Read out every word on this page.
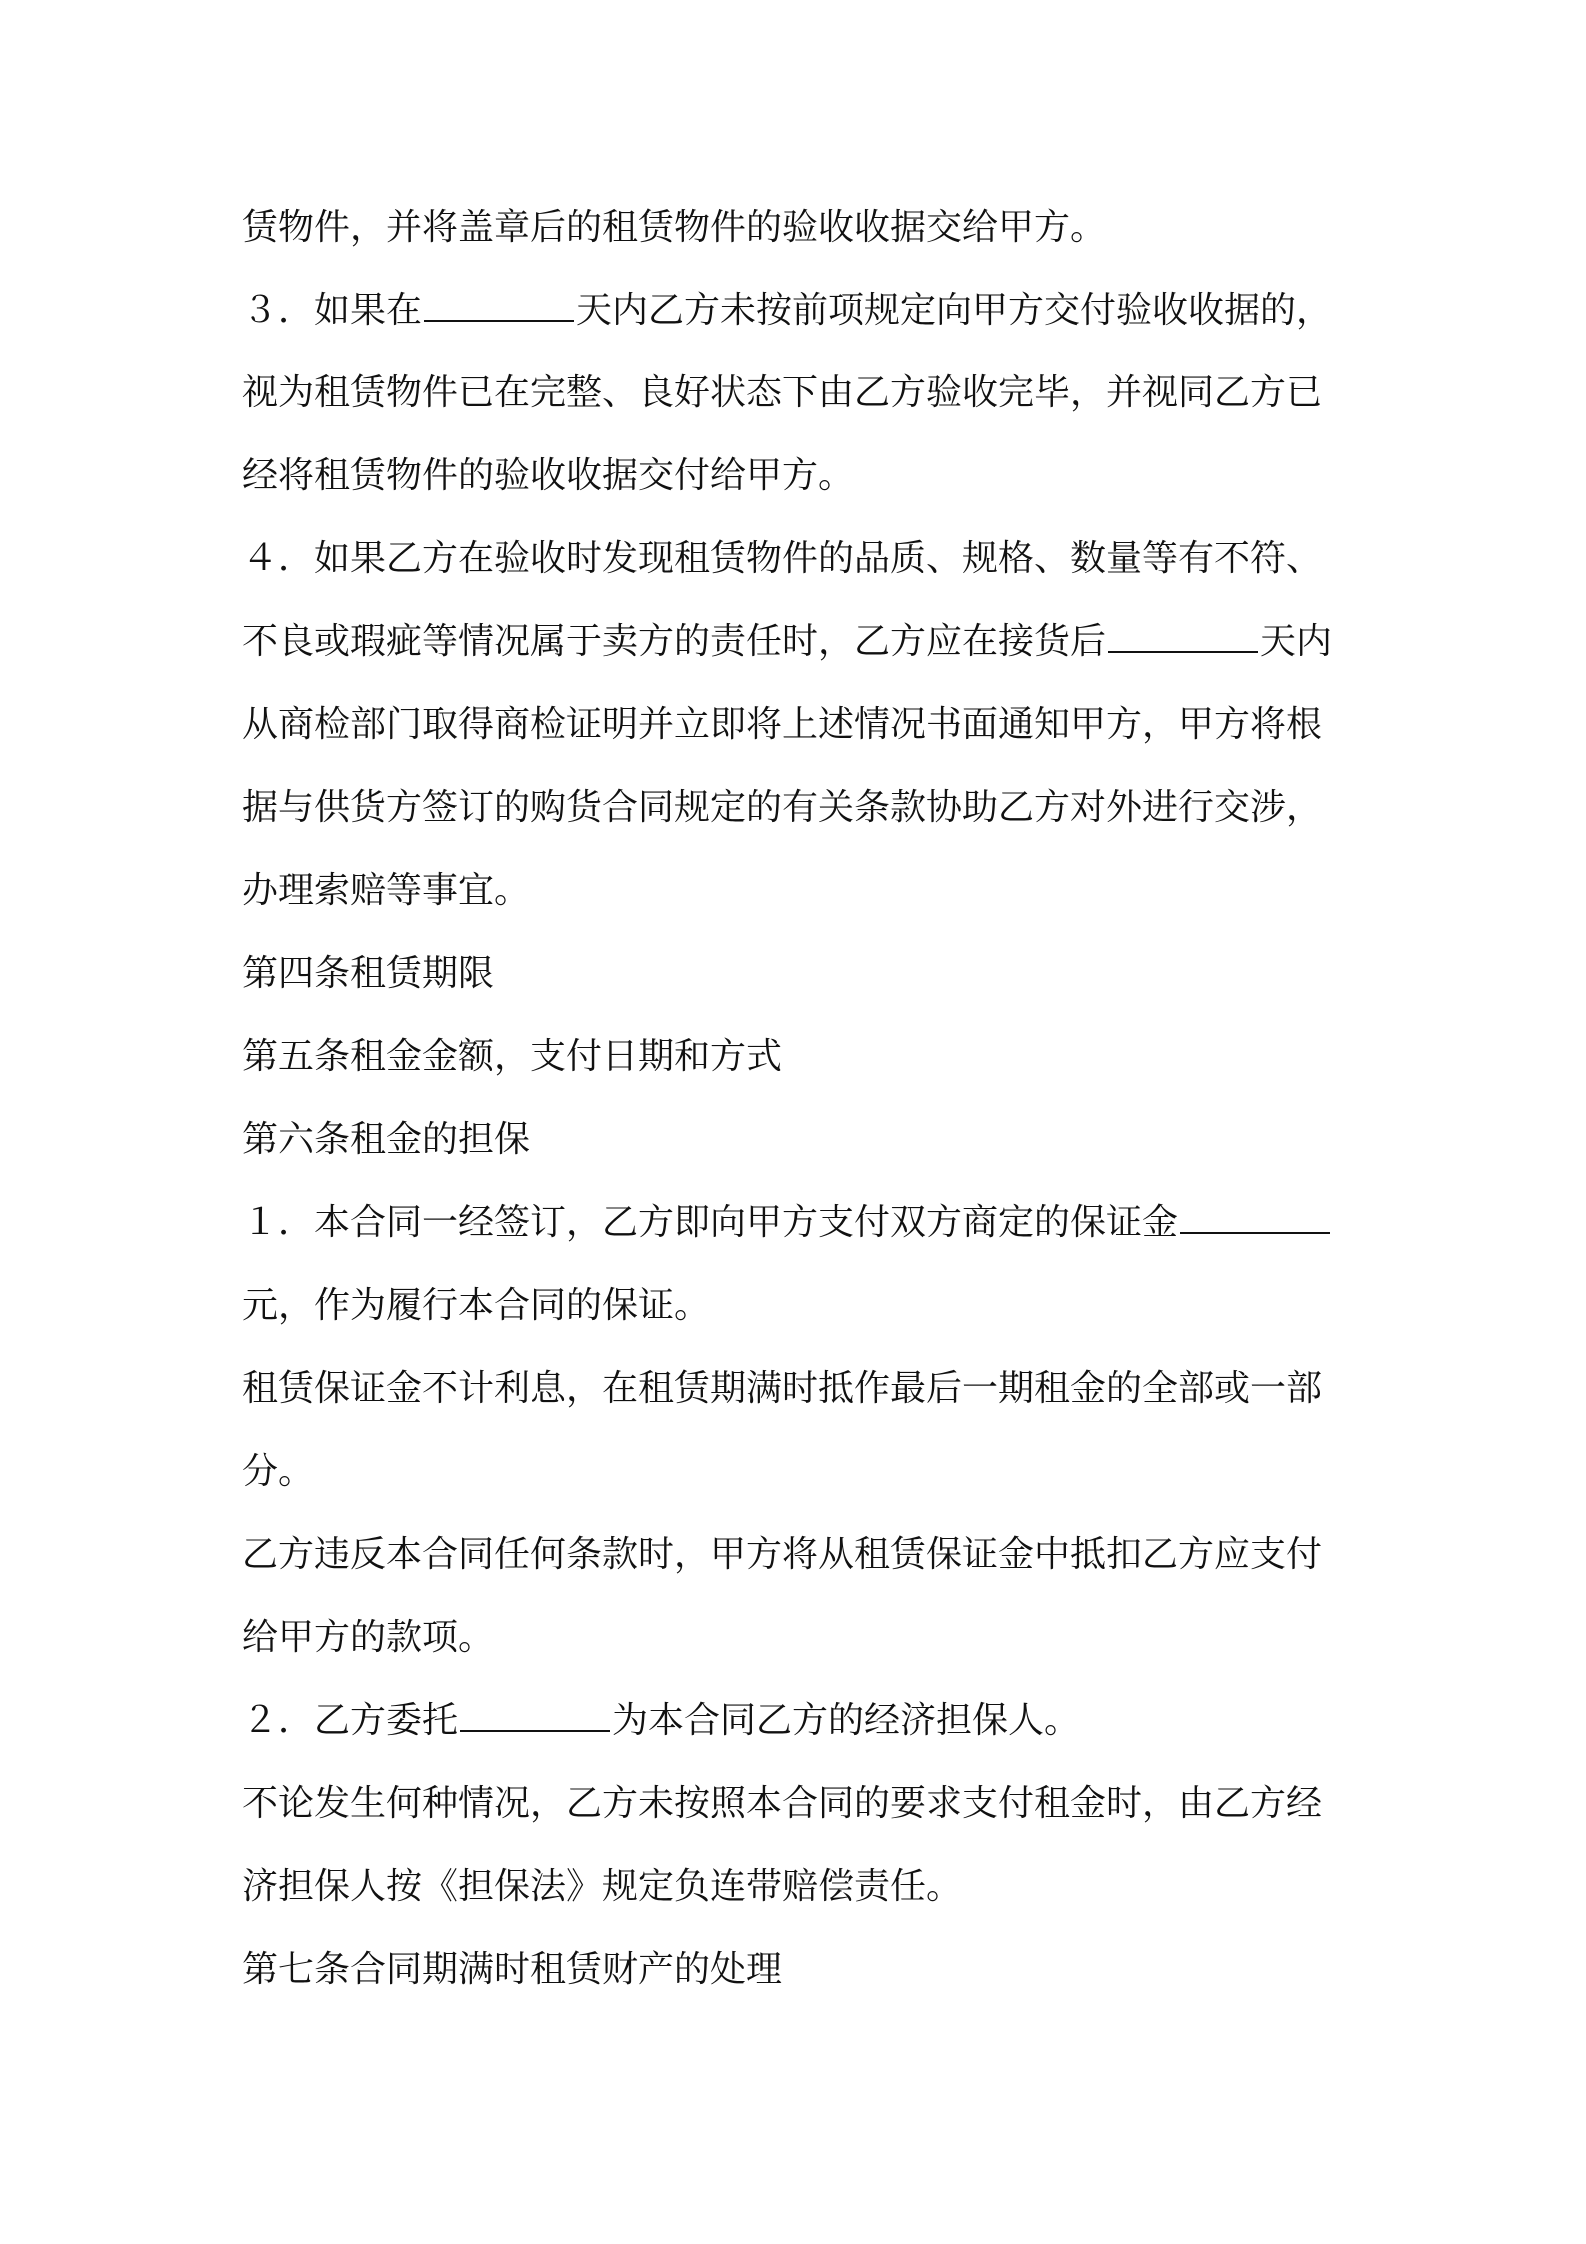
赁物件，并将盖章后的租赁物件的验收收据交给甲方。
３．如果在	天内乙方未按前项规定向甲方交付验收收据的，
视为租赁物件已在完整、良好状态下由乙方验收完毕，并视同乙方已
经将租赁物件的验收收据交付给甲方。
４．如果乙方在验收时发现租赁物件的品质、规格、数量等有不符、
不良或瑕疵等情况属于卖方的责任时，乙方应在接货后	天内
从商检部门取得商检证明并立即将上述情况书面通知甲方，甲方将根
据与供货方签订的购货合同规定的有关条款协助乙方对外进行交涉，
办理索赔等事宜。
第四条租赁期限
第五条租金金额，支付日期和方式
第六条租金的担保
１．本合同一经签订，乙方即向甲方支付双方商定的保证金
元，作为履行本合同的保证。
租赁保证金不计利息，在租赁期满时抵作最后一期租金的全部或一部
分。
乙方违反本合同任何条款时，甲方将从租赁保证金中抵扣乙方应支付
给甲方的款项。
２．乙方委托	为本合同乙方的经济担保人。
不论发生何种情况，乙方未按照本合同的要求支付租金时，由乙方经
济担保人按《担保法》规定负连带赔偿责任。
第七条合同期满时租赁财产的处理
